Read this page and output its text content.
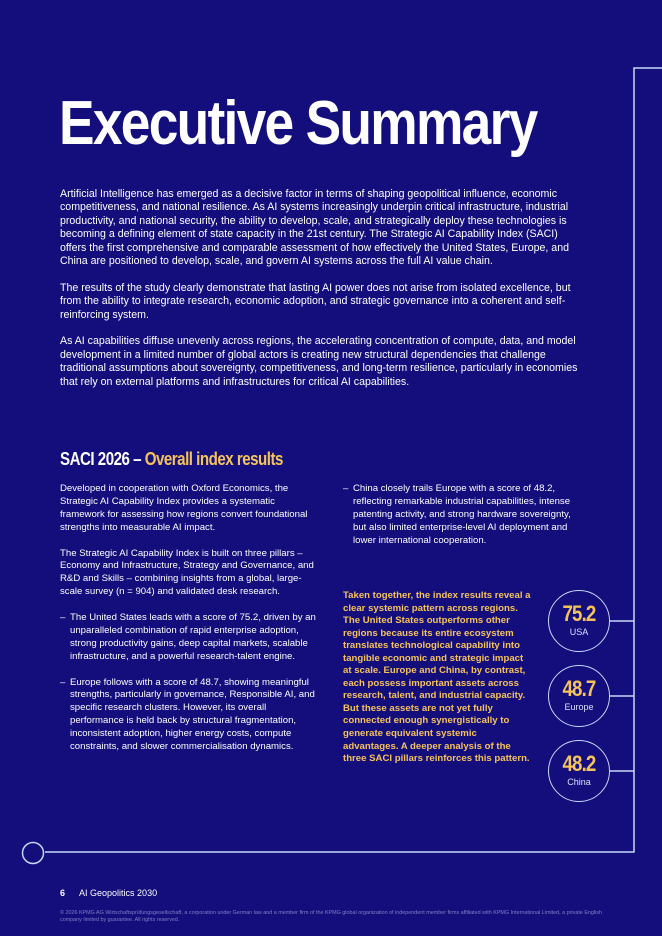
Executive Summary

Artificial Intelligence has emerged as a decisive factor in terms of shaping geopolitical influence, economic competitiveness, and national resilience. As AI systems increasingly underpin critical infrastructure, industrial productivity, and national security, the ability to develop, scale, and strategically deploy these technologies is becoming a defining element of state capacity in the 21st century. The Strategic AI Capability Index (SACI) offers the first comprehensive and comparable assessment of how effectively the United States, Europe, and China are positioned to develop, scale, and govern AI systems across the full AI value chain.

The results of the study clearly demonstrate that lasting AI power does not arise from isolated excellence, but from the ability to integrate research, economic adoption, and strategic governance into a coherent and self-reinforcing system.

As AI capabilities diffuse unevenly across regions, the accelerating concentration of compute, data, and model development in a limited number of global actors is creating new structural dependencies that challenge traditional assumptions about sovereignty, competitiveness, and long-term resilience, particularly in economies that rely on external platforms and infrastructures for critical AI capabilities.

SACI 2026 – Overall index results

Developed in cooperation with Oxford Economics, the Strategic AI Capability Index provides a systematic framework for assessing how regions convert foundational strengths into measurable AI impact.

The Strategic AI Capability Index is built on three pillars – Economy and Infrastructure, Strategy and Governance, and R&D and Skills – combining insights from a global, large-scale survey (n = 904) and validated desk research.

– The United States leads with a score of 75.2, driven by an unparalleled combination of rapid enterprise adoption, strong productivity gains, deep capital markets, scalable infrastructure, and a powerful research-talent engine.
– Europe follows with a score of 48.7, showing meaningful strengths, particularly in governance, Responsible AI, and specific research clusters. However, its overall performance is held back by structural fragmentation, inconsistent adoption, higher energy costs, compute constraints, and slower commercialisation dynamics.
– China closely trails Europe with a score of 48.2, reflecting remarkable industrial capabilities, intense patenting activity, and strong hardware sovereignty, but also limited enterprise-level AI deployment and lower international cooperation.

Taken together, the index results reveal a clear systemic pattern across regions. The United States outperforms other regions because its entire ecosystem translates technological capability into tangible economic and strategic impact at scale. Europe and China, by contrast, each possess important assets across research, talent, and industrial capacity. But these assets are not yet fully connected enough synergistically to generate equivalent systemic advantages. A deeper analysis of the three SACI pillars reinforces this pattern.

75.2
USA
48.7
Europe
48.2
China
6 AI Geopolitics 2030
© 2026 KPMG AG Wirtschaftsprüfungsgesellschaft, a corporation under German law and a member firm of the KPMG global organization of independent member firms affiliated with KPMG International Limited, a private English company limited by guarantee. All rights reserved.
